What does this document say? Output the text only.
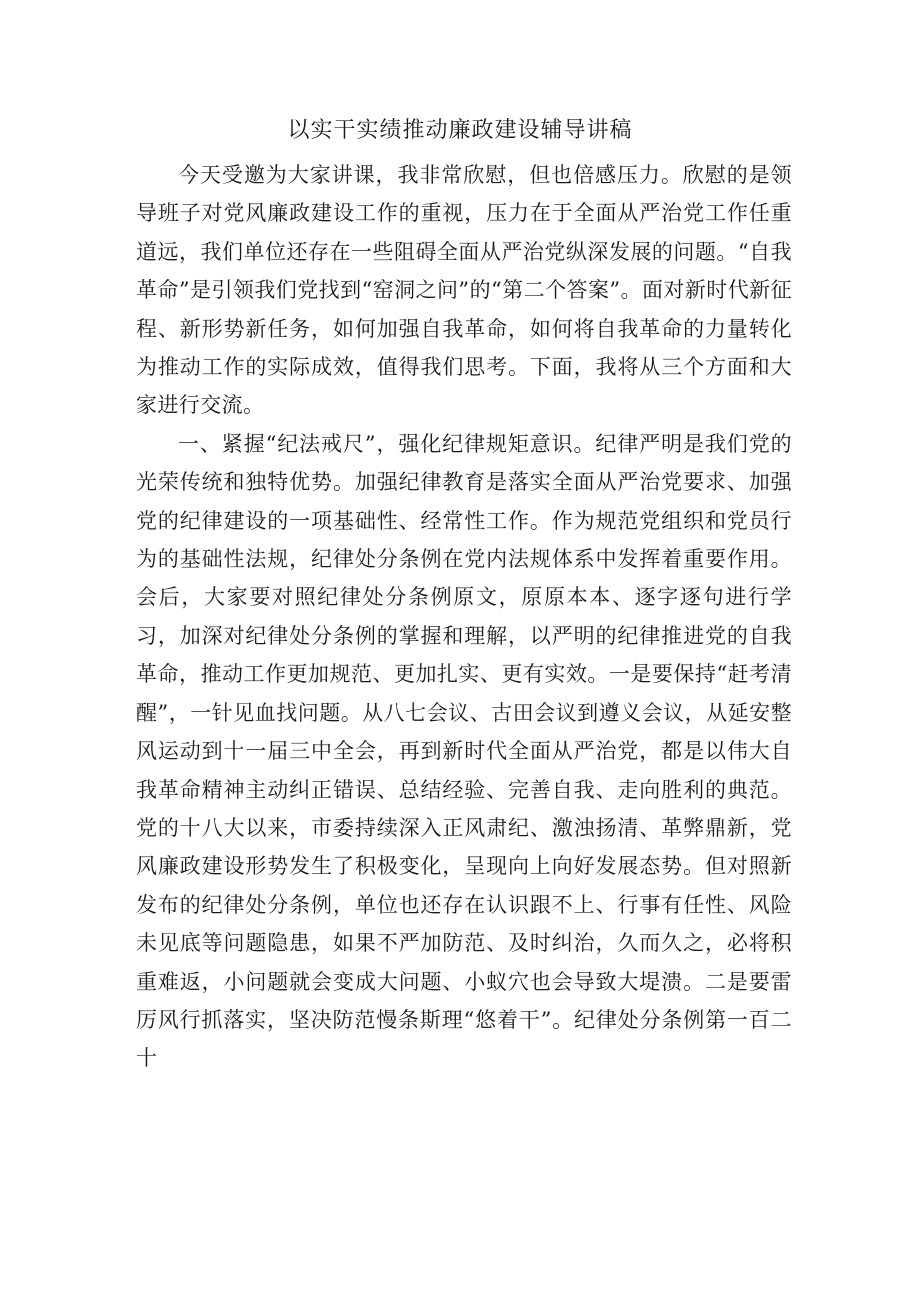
以实干实绩推动廉政建设辅导讲稿

今天受邀为大家讲课，我非常欣慰，但也倍感压力。欣慰的是领导班子对党风廉政建设工作的重视，压力在于全面从严治党工作任重道远，我们单位还存在一些阻碍全面从严治党纵深发展的问题。“自我革命”是引领我们党找到“窑洞之问”的“第二个答案”。面对新时代新征程、新形势新任务，如何加强自我革命，如何将自我革命的力量转化为推动工作的实际成效，值得我们思考。下面，我将从三个方面和大家进行交流。

一、紧握“纪法戒尺”，强化纪律规矩意识。纪律严明是我们党的光荣传统和独特优势。加强纪律教育是落实全面从严治党要求、加强党的纪律建设的一项基础性、经常性工作。作为规范党组织和党员行为的基础性法规，纪律处分条例在党内法规体系中发挥着重要作用。会后，大家要对照纪律处分条例原文，原原本本、逐字逐句进行学习，加深对纪律处分条例的掌握和理解，以严明的纪律推进党的自我革命，推动工作更加规范、更加扎实、更有实效。一是要保持“赶考清醒”，一针见血找问题。从八七会议、古田会议到遵义会议，从延安整风运动到十一届三中全会，再到新时代全面从严治党，都是以伟大自我革命精神主动纠正错误、总结经验、完善自我、走向胜利的典范。党的十八大以来，市委持续深入正风肃纪、激浊扬清、革弊鼎新，党风廉政建设形势发生了积极变化，呈现向上向好发展态势。但对照新发布的纪律处分条例，单位也还存在认识跟不上、行事有任性、风险未见底等问题隐患，如果不严加防范、及时纠治，久而久之，必将积重难返，小问题就会变成大问题、小蚁穴也会导致大堤溃。二是要雷厉风行抓落实，坚决防范慢条斯理“悠着干”。纪律处分条例第一百二十
